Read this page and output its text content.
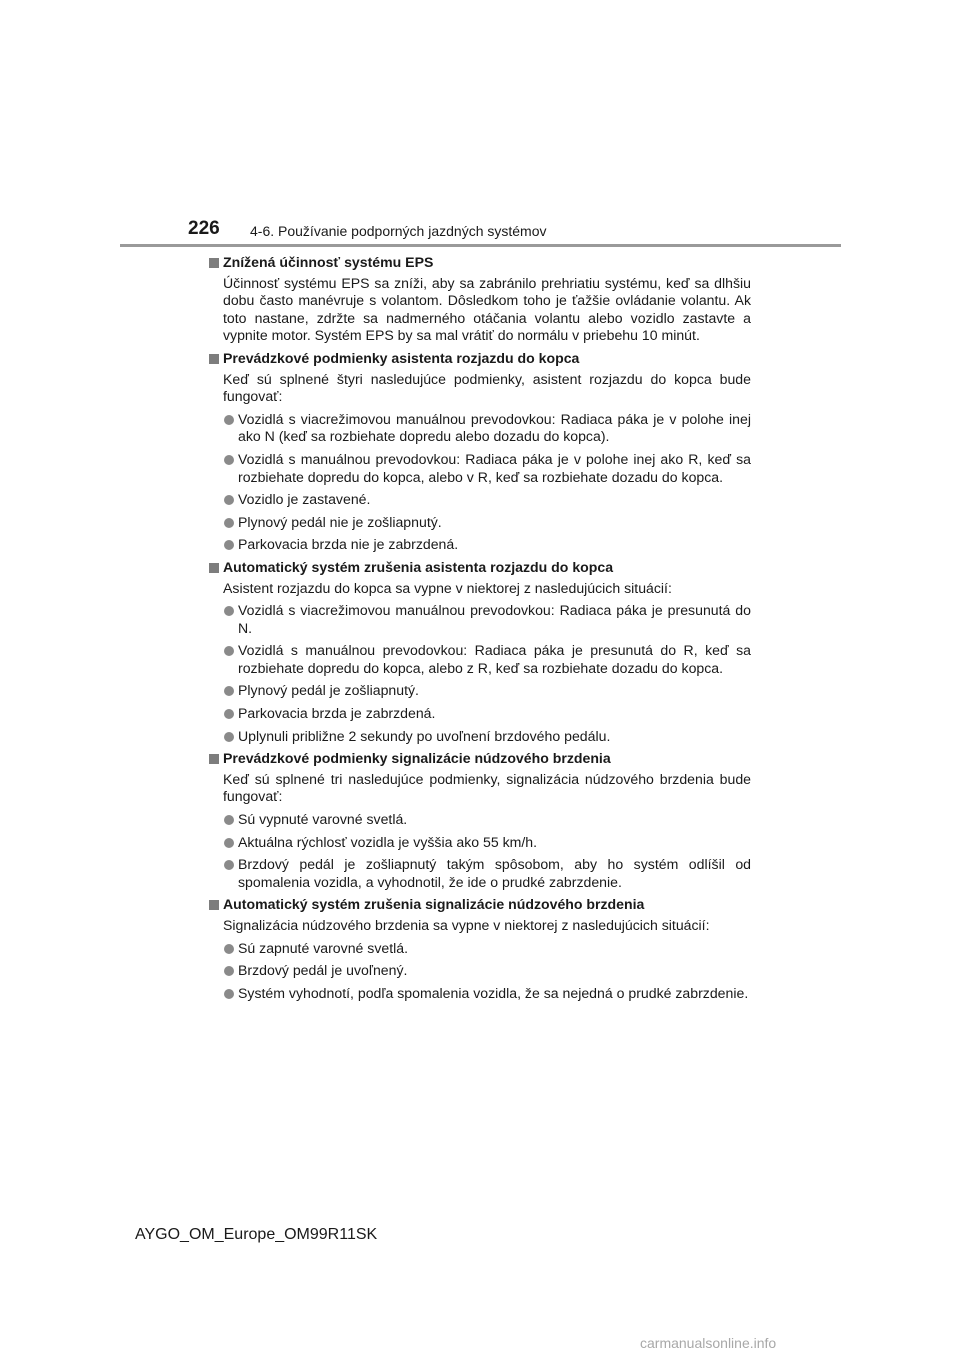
226 4-6. Používanie podporných jazdných systémov
Znížená účinnosť systému EPS
Účinnosť systému EPS sa zníži, aby sa zabránilo prehriatiu systému, keď sa dlhšiu dobu často manévruje s volantom. Dôsledkom toho je ťažšie ovládanie volantu. Ak toto nastane, zdržte sa nadmerného otáčania volantu alebo vozidlo zastavte a vypnite motor. Systém EPS by sa mal vrátiť do normálu v priebehu 10 minút.
Prevádzkové podmienky asistenta rozjazdu do kopca
Keď sú splnené štyri nasledujúce podmienky, asistent rozjazdu do kopca bude fungovať:
Vozidlá s viacrežimovou manuálnou prevodovkou: Radiaca páka je v polohe inej ako N (keď sa rozbiehate dopredu alebo dozadu do kopca).
Vozidlá s manuálnou prevodovkou: Radiaca páka je v polohe inej ako R, keď sa rozbiehate dopredu do kopca, alebo v R, keď sa rozbiehate dozadu do kopca.
Vozidlo je zastavené.
Plynový pedál nie je zošliapnutý.
Parkovacia brzda nie je zabrzdená.
Automatický systém zrušenia asistenta rozjazdu do kopca
Asistent rozjazdu do kopca sa vypne v niektorej z nasledujúcich situácií:
Vozidlá s viacrežimovou manuálnou prevodovkou: Radiaca páka je presunutá do N.
Vozidlá s manuálnou prevodovkou: Radiaca páka je presunutá do R, keď sa rozbiehate dopredu do kopca, alebo z R, keď sa rozbiehate dozadu do kopca.
Plynový pedál je zošliapnutý.
Parkovacia brzda je zabrzdená.
Uplynuli približne 2 sekundy po uvoľnení brzdového pedálu.
Prevádzkové podmienky signalizácie núdzového brzdenia
Keď sú splnené tri nasledujúce podmienky, signalizácia núdzového brzdenia bude fungovať:
Sú vypnuté varovné svetlá.
Aktuálna rýchlosť vozidla je vyššia ako 55 km/h.
Brzdový pedál je zošliapnutý takým spôsobom, aby ho systém odlíšil od spomalenia vozidla, a vyhodnotil, že ide o prudké zabrzdenie.
Automatický systém zrušenia signalizácie núdzového brzdenia
Signalizácia núdzového brzdenia sa vypne v niektorej z nasledujúcich situácií:
Sú zapnuté varovné svetlá.
Brzdový pedál je uvoľnený.
Systém vyhodnotí, podľa spomalenia vozidla, že sa nejedná o prudké zabrzdenie.
AYGO_OM_Europe_OM99R11SK
carmanualsonline.info
